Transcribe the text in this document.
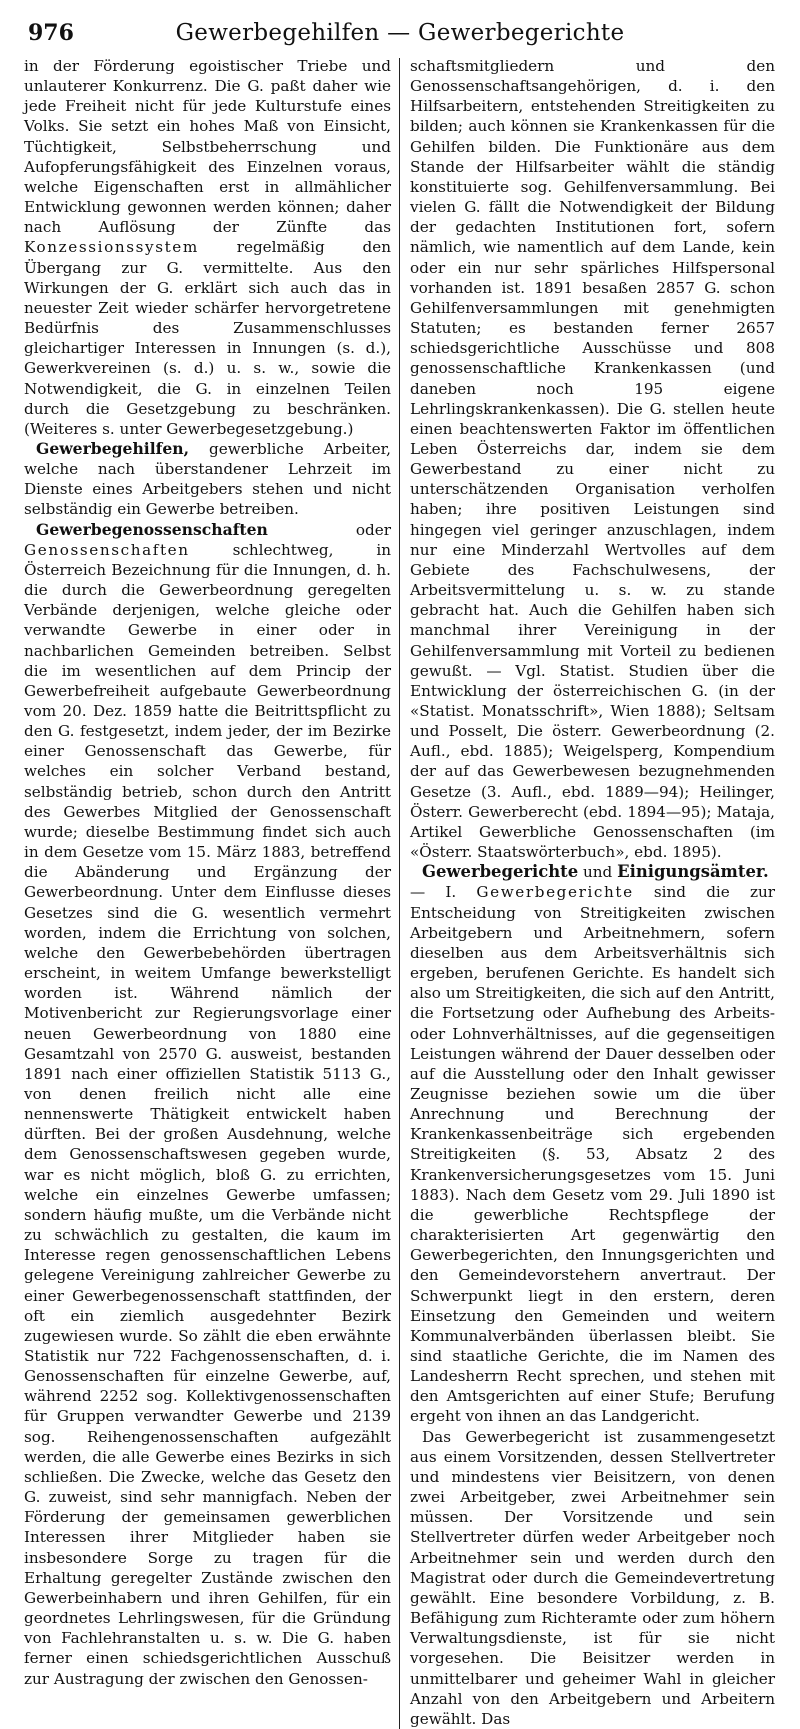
976	Gewerbegehilfen — Gewerbegerichte

in der Förderung egoistischer Triebe und unlauterer Konkurrenz. Die G. paßt daher wie jede Freiheit nicht für jede Kulturstufe eines Volks. Sie setzt ein hohes Maß von Einsicht, Tüchtigkeit, Selbstbeherrschung und Aufopferungsfähigkeit des Einzelnen voraus, welche Eigenschaften erst in allmählicher Entwicklung gewonnen werden können; daher nach Auflösung der Zünfte das Konzessionssystem regelmäßig den Übergang zur G. vermittelte. Aus den Wirkungen der G. erklärt sich auch das in neuester Zeit wieder schärfer hervorgetretene Bedürfnis des Zusammenschlusses gleichartiger Interessen in Innungen (s. d.), Gewerkvereinen (s. d.) u. s. w., sowie die Notwendigkeit, die G. in einzelnen Teilen durch die Gesetzgebung zu beschränken. (Weiteres s. unter Gewerbegesetzgebung.)

Gewerbegehilfen, gewerbliche Arbeiter, welche nach überstandener Lehrzeit im Dienste eines Arbeitgebers stehen und nicht selbständig ein Gewerbe betreiben.

Gewerbegenossenschaften oder Genossenschaften schlechtweg, in Österreich Bezeichnung für die Innungen, d. h. die durch die Gewerbeordnung geregelten Verbände derjenigen, welche gleiche oder verwandte Gewerbe in einer oder in nachbarlichen Gemeinden betreiben. Selbst die im wesentlichen auf dem Princip der Gewerbefreiheit aufgebaute Gewerbeordnung vom 20. Dez. 1859 hatte die Beitrittspflicht zu den G. festgesetzt, indem jeder, der im Bezirke einer Genossenschaft das Gewerbe, für welches ein solcher Verband bestand, selbständig betrieb, schon durch den Antritt des Gewerbes Mitglied der Genossenschaft wurde; dieselbe Bestimmung findet sich auch in dem Gesetze vom 15. März 1883, betreffend die Abänderung und Ergänzung der Gewerbeordnung. Unter dem Einflusse dieses Gesetzes sind die G. wesentlich vermehrt worden, indem die Errichtung von solchen, welche den Gewerbebehörden übertragen erscheint, in weitem Umfange bewerkstelligt worden ist. Während nämlich der Motivenbericht zur Regierungsvorlage einer neuen Gewerbeordnung von 1880 eine Gesamtzahl von 2570 G. ausweist, bestanden 1891 nach einer offiziellen Statistik 5113 G., von denen freilich nicht alle eine nennenswerte Thätigkeit entwickelt haben dürften. Bei der großen Ausdehnung, welche dem Genossenschaftswesen gegeben wurde, war es nicht möglich, bloß G. zu errichten, welche ein einzelnes Gewerbe umfassen; sondern häufig mußte, um die Verbände nicht zu schwächlich zu gestalten, die kaum im Interesse regen genossenschaftlichen Lebens gelegene Vereinigung zahlreicher Gewerbe zu einer Gewerbegenossenschaft stattfinden, der oft ein ziemlich ausgedehnter Bezirk zugewiesen wurde. So zählt die eben erwähnte Statistik nur 722 Fachgenossenschaften, d. i. Genossenschaften für einzelne Gewerbe, auf, während 2252 sog. Kollektivgenossenschaften für Gruppen verwandter Gewerbe und 2139 sog. Reihengenossenschaften aufgezählt werden, die alle Gewerbe eines Bezirks in sich schließen. Die Zwecke, welche das Gesetz den G. zuweist, sind sehr mannigfach. Neben der Förderung der gemeinsamen gewerblichen Interessen ihrer Mitglieder haben sie insbesondere Sorge zu tragen für die Erhaltung geregelter Zustände zwischen den Gewerbeinhabern und ihren Gehilfen, für ein geordnetes Lehrlingswesen, für die Gründung von Fachlehranstalten u. s. w. Die G. haben ferner einen schiedsgerichtlichen Ausschuß zur Austragung der zwischen den Genossen-

schaftsmitgliedern und den Genossenschaftsangehörigen, d. i. den Hilfsarbeitern, entstehenden Streitigkeiten zu bilden; auch können sie Krankenkassen für die Gehilfen bilden. Die Funktionäre aus dem Stande der Hilfsarbeiter wählt die ständig konstituierte sog. Gehilfenversammlung. Bei vielen G. fällt die Notwendigkeit der Bildung der gedachten Institutionen fort, sofern nämlich, wie namentlich auf dem Lande, kein oder ein nur sehr spärliches Hilfspersonal vorhanden ist. 1891 besaßen 2857 G. schon Gehilfenversammlungen mit genehmigten Statuten; es bestanden ferner 2657 schiedsgerichtliche Ausschüsse und 808 genossenschaftliche Krankenkassen (und daneben noch 195 eigene Lehrlingskrankenkassen). Die G. stellen heute einen beachtenswerten Faktor im öffentlichen Leben Österreichs dar, indem sie dem Gewerbestand zu einer nicht zu unterschätzenden Organisation verholfen haben; ihre positiven Leistungen sind hingegen viel geringer anzuschlagen, indem nur eine Minderzahl Wertvolles auf dem Gebiete des Fachschulwesens, der Arbeitsvermittelung u. s. w. zu stande gebracht hat. Auch die Gehilfen haben sich manchmal ihrer Vereinigung in der Gehilfenversammlung mit Vorteil zu bedienen gewußt. — Vgl. Statist. Studien über die Entwicklung der österreichischen G. (in der «Statist. Monatsschrift», Wien 1888); Seltsam und Posselt, Die österr. Gewerbeordnung (2. Aufl., ebd. 1885); Weigelsperg, Kompendium der auf das Gewerbewesen bezugnehmenden Gesetze (3. Aufl., ebd. 1889—94); Heilinger, Österr. Gewerberecht (ebd. 1894—95); Mataja, Artikel Gewerbliche Genossenschaften (im «Österr. Staatswörterbuch», ebd. 1895).

Gewerbegerichte und Einigungsämter.
— I. Gewerbegerichte sind die zur Entscheidung von Streitigkeiten zwischen Arbeitgebern und Arbeitnehmern, sofern dieselben aus dem Arbeitsverhältnis sich ergeben, berufenen Gerichte. Es handelt sich also um Streitigkeiten, die sich auf den Antritt, die Fortsetzung oder Aufhebung des Arbeits- oder Lohnverhältnisses, auf die gegenseitigen Leistungen während der Dauer desselben oder auf die Ausstellung oder den Inhalt gewisser Zeugnisse beziehen sowie um die über Anrechnung und Berechnung der Krankenkassenbeiträge sich ergebenden Streitigkeiten (§. 53, Absatz 2 des Krankenversicherungsgesetzes vom 15. Juni 1883). Nach dem Gesetz vom 29. Juli 1890 ist die gewerbliche Rechtspflege der charakterisierten Art gegenwärtig den Gewerbegerichten, den Innungsgerichten und den Gemeindevorstehern anvertraut. Der Schwerpunkt liegt in den erstern, deren Einsetzung den Gemeinden und weitern Kommunalverbänden überlassen bleibt. Sie sind staatliche Gerichte, die im Namen des Landesherrn Recht sprechen, und stehen mit den Amtsgerichten auf einer Stufe; Berufung ergeht von ihnen an das Landgericht.

Das Gewerbegericht ist zusammengesetzt aus einem Vorsitzenden, dessen Stellvertreter und mindestens vier Beisitzern, von denen zwei Arbeitgeber, zwei Arbeitnehmer sein müssen. Der Vorsitzende und sein Stellvertreter dürfen weder Arbeitgeber noch Arbeitnehmer sein und werden durch den Magistrat oder durch die Gemeindevertretung gewählt. Eine besondere Vorbildung, z. B. Befähigung zum Richteramte oder zum höhern Verwaltungsdienste, ist für sie nicht vorgesehen. Die Beisitzer werden in unmittelbarer und geheimer Wahl in gleicher Anzahl von den Arbeitgebern und Arbeitern gewählt. Das
